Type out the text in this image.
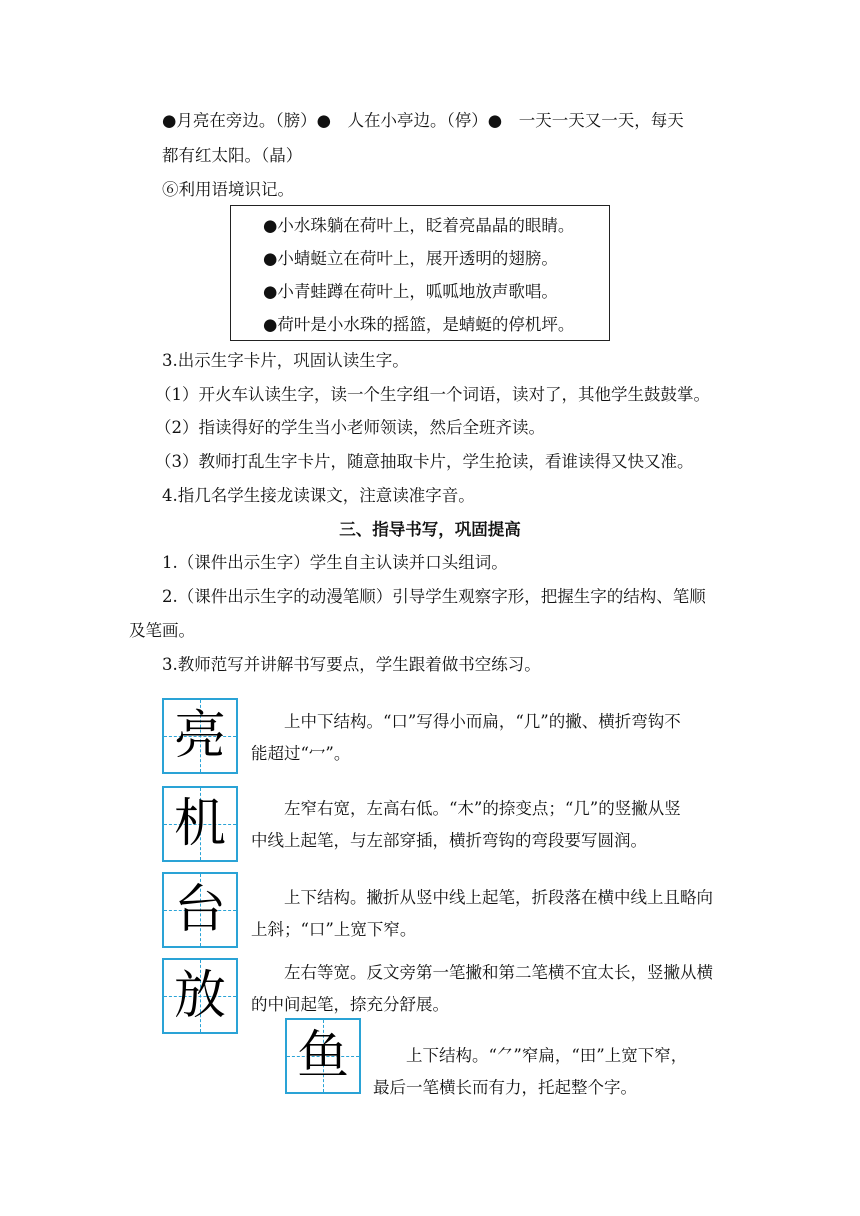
●月亮在旁边。（膀）●　人在小亭边。（停）●　一天一天又一天，每天
都有红太阳。（晶）
⑥利用语境识记。
●小水珠躺在荷叶上，眨着亮晶晶的眼睛。
●小蜻蜓立在荷叶上，展开透明的翅膀。
●小青蛙蹲在荷叶上，呱呱地放声歌唱。
●荷叶是小水珠的摇篮，是蜻蜓的停机坪。
3.出示生字卡片，巩固认读生字。
（1）开火车认读生字，读一个生字组一个词语，读对了，其他学生鼓鼓掌。
（2）指读得好的学生当小老师领读，然后全班齐读。
（3）教师打乱生字卡片，随意抽取卡片，学生抢读，看谁读得又快又准。
4.指几名学生接龙读课文，注意读准字音。
三、指导书写，巩固提高
1.（课件出示生字）学生自主认读并口头组词。
2.（课件出示生字的动漫笔顺）引导学生观察字形，把握生字的结构、笔顺
及笔画。
3.教师范写并讲解书写要点，学生跟着做书空练习。
亮	上中下结构。“口”写得小而扁，“几”的撇、横折弯钩不
能超过“冖”。
机	左窄右宽，左高右低。“木”的捺变点；“几”的竖撇从竖
中线上起笔，与左部穿插，横折弯钩的弯段要写圆润。
台	上下结构。撇折从竖中线上起笔，折段落在横中线上且略向
上斜；“口”上宽下窄。
放	左右等宽。反文旁第一笔撇和第二笔横不宜太长，竖撇从横
的中间起笔，捺充分舒展。
鱼	上下结构。“⺈”窄扁，“田”上宽下窄，
最后一笔横长而有力，托起整个字。
